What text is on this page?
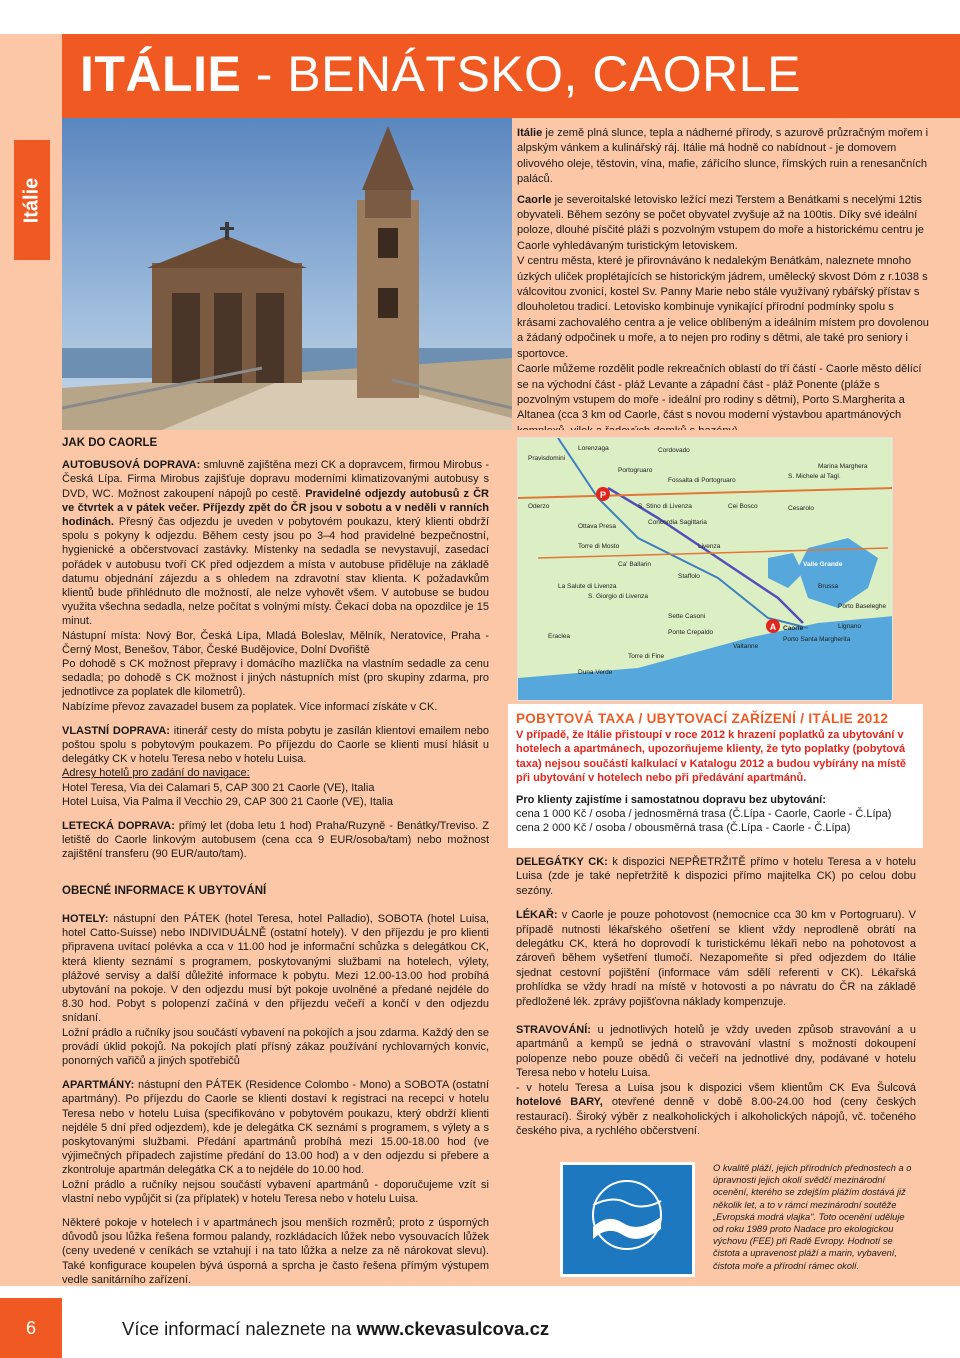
Itálie
ITÁLIE - BENÁTSKO, CAORLE

Itálie je země plná slunce, tepla a nádherné přírody, s azurově průzračným mořem i alpským vánkem a kulinářský ráj. Itálie má hodně co nabídnout - je domovem olivového oleje, těstovin, vína, mafie, zářícího slunce, římských ruin a renesančních paláců.

Caorle je severoitalské letovisko ležící mezi Terstem a Benátkami s necelými 12tis obyvateli. Během sezóny se počet obyvatel zvyšuje až na 100tis. Díky své ideální poloze, dlouhé písčité pláži s pozvolným vstupem do moře a historickému centru je Caorle vyhledávaným turistickým letoviskem.

V centru města, které je přirovnáváno k nedalekým Benátkám, naleznete mnoho úzkých uliček proplétajících se historickým jádrem, umělecký skvost Dóm z r.1038 s válcovitou zvonicí, kostel Sv. Panny Marie nebo stále využívaný rybářský přístav s dlouholetou tradicí. Letovisko kombinuje vynikající přírodní podmínky spolu s krásami zachovalého centra a je velice oblíbeným a ideálním místem pro dovolenou a žádaný odpočinek u moře, a to nejen pro rodiny s dětmi, ale také pro seniory i sportovce.

Caorle můžeme rozdělit podle rekreačních oblastí do tří částí - Caorle město dělící se na východní část - pláž Levante a západní část - pláž Ponente (pláže s pozvolným vstupem do moře - ideální pro rodiny s dětmi), Porto S.Margherita a Altanea (cca 3 km od Caorle, část s novou moderní výstavbou apartmánových

JAK DO CAORLE

AUTOBUSOVÁ DOPRAVA: smluvně zajištěna mezi CK a dopravcem, firmou Mirobus - Česká Lípa. Firma Mirobus zajišťuje dopravu moderními klimatizovanými autobusy s DVD, WC. Možnost zakoupení nápojů po cestě. Pravidelné odjezdy autobusů z ČR ve čtvrtek a v pátek večer. Příjezdy zpět do ČR jsou v sobotu a v neděli v ranních hodinách. Přesný čas odjezdu je uveden v pobytovém poukazu, který klienti obdrží spolu s pokyny k odjezdu. Během cesty jsou po 3–4 hod pravidelné bezpečnostní, hygienické a občerstvovací zastávky. Místenky na sedadla se nevystavují, zasedací pořádek v autobusu tvoří CK před odjezdem a místa v autobuse přiděluje na základě datumu objednání zájezdu a s ohledem na zdravotní stav klienta. K požadavkům klientů bude přihlédnuto dle možností, ale nelze vyhovět všem. V autobuse se budou využita všechna sedadla, nelze počítat s volnými místy. Čekací doba na opozdilce je 15 minut.

Nástupní místa: Nový Bor, Česká Lípa, Mladá Boleslav, Mělník, Neratovice, Praha - Černý Most, Benešov, Tábor, České Budějovice, Dolní Dvořiště

Po dohodě s CK možnost přepravy i domácího mazlíčka na vlastním sedadle za cenu sedadla; po dohodě s CK možnost i jiných nástupních míst (pro skupiny zdarma, pro jednotlivce za poplatek dle kilometrů).

Nabízíme převoz zavazadel busem za poplatek. Více informací získáte v CK.

VLASTNÍ DOPRAVA: itinerář cesty do místa pobytu je zasílán klientovi emailem nebo poštou spolu s pobytovým poukazem. Po příjezdu do Caorle se klienti musí hlásit u delegátky CK v hotelu Teresa nebo v hotelu Luisa.

Adresy hotelů pro zadání do navigace:

Hotel Teresa, Via dei Calamari 5, CAP 300 21 Caorle (VE), Italia

Hotel Luisa, Via Palma il Vecchio 29, CAP 300 21 Caorle (VE), Italia

LETECKÁ DOPRAVA: přímý let (doba letu 1 hod) Praha/Ruzyně - Benátky/Treviso. Z letiště do Caorle linkovým autobusem (cena cca 9 EUR/osoba/tam) nebo možnost zajištění transferu (90 EUR/auto/tam).

OBECNÉ INFORMACE K UBYTOVÁNÍ

HOTELY: nástupní den PÁTEK (hotel Teresa, hotel Palladio), SOBOTA (hotel Luisa, hotel Catto-Suisse) nebo INDIVIDUÁLNĚ (ostatní hotely). V den příjezdu je pro klienti připravena uvítací polévka a cca v 11.00 hod je informační schůzka s delegátkou CK, která klienty seznámí s programem, poskytovanými službami na hotelech, výlety, plážové servisy a další důležité informace k pobytu. Mezi 12.00-13.00 hod probíhá ubytování na pokoje. V den odjezdu musí být pokoje uvolněné a předané nejdéle do 8.30 hod. Pobyt s polopenzí začíná v den příjezdu večeří a končí v den odjezdu snídaní.

Ložní prádlo a ručníky jsou součástí vybavení na pokojích a jsou zdarma. Každý den se provádí úklid pokojů. Na pokojích platí přísný zákaz používání rychlovarných konvic, ponorných vařičů a jiných spotřebičů

APARTMÁNY: nástupní den PÁTEK (Residence Colombo - Mono) a SOBOTA (ostatní apartmány). Po příjezdu do Caorle se klienti dostaví k registraci na recepci v hotelu Teresa nebo v hotelu Luisa (specifikováno v pobytovém poukazu, který obdrží klienti nejdéle 5 dní před odjezdem), kde je delegátka CK seznámí s programem, s výlety a s poskytovanými službami. Předání apartmánů probíhá mezi 15.00-18.00 hod (ve výjimečných případech zajistíme předání do 13.00 hod) a v den odjezdu si přebere a zkontroluje apartmán delegátka CK a to nejdéle do 10.00 hod.

Ložní prádlo a ručníky nejsou součástí vybavení apartmánů - doporučujeme vzít si vlastní nebo vypůjčit si (za příplatek) v hotelu Teresa nebo v hotelu Luisa.

Některé pokoje v hotelech i v apartmánech jsou menších rozměrů; proto z úsporných důvodů jsou lůžka řešena formou palandy, rozkládacích lůžek nebo vysouvacích lůžek (ceny uvedené v ceníkách se vztahují i na tato lůžka a nelze za ně nárokovat slevu). Také konfigurace koupelen bývá úsporná a sprcha je často řešena přímým výstupem vedle sanitárního zařízení.

P
A
Lorenzaga	Cordovado
Portogruaro
Pravisdomini
Fossalta di Portogruaro
S. Stino di Livenza
Concordia Sagittaria
Cei Bosco	Cesarolo
Lignano
Torre di Mosto
Eraclea
Ottava Presa
Marina Marghera
S. Michele al Tagl.
Brussa
Porto Baseleghe
La Salute di Livenza
S. Giorgio di Livenza
Valle Grande
Sette Casoni
Ponte Crepaldo
Valtanne
Caorle
Porto Santa Margherita
Torre di Fine
Staffolo
Duna Verde
Ca' Ballarin
Livenza
Oderzo
POBYTOVÁ TAXA / UBYTOVACÍ ZAŘÍZENÍ / ITÁLIE 2012

V případě, že Itálie přistoupí v roce 2012 k hrazení poplatků za ubytování v hotelech a apartmánech, upozorňujeme klienty, že tyto poplatky (pobytová taxa) nejsou součástí kalkulací v Katalogu 2012 a budou vybírány na místě při ubytování v hotelech nebo při předávání apartmánů.

Pro klienty zajistíme i samostatnou dopravu bez ubytování:

cena 1 000 Kč / osoba / jednosměrná trasa (Č.Lípa - Caorle, Caorle - Č.Lípa)

cena 2 000 Kč / osoba / obousměrná trasa (Č.Lípa - Caorle - Č.Lípa)

DELEGÁTKY CK: k dispozici NEPŘETRŽITĚ přímo v hotelu Teresa a v hotelu Luisa (zde je také nepřetržitě k dispozici přímo majitelka CK) po celou dobu sezóny.

LÉKAŘ: v Caorle je pouze pohotovost (nemocnice cca 30 km v Portogruaru). V případě nutnosti lékařského ošetření se klient vždy neprodleně obrátí na delegátku CK, která ho doprovodí k turistickému lékaři nebo na pohotovost a zároveň během vyšetření tlumočí. Nezapomeňte si před odjezdem do Itálie sjednat cestovní pojištění (informace vám sdělí referenti v CK). Lékařská prohlídka se vždy hradí na místě v hotovosti a po návratu do ČR na základě předložené lék. zprávy pojišťovna náklady kompenzuje.

STRAVOVÁNÍ: u jednotlivých hotelů je vždy uveden způsob stravování a u apartmánů a kempů se jedná o stravování vlastní s možností dokoupení polopenze nebo pouze obědů či večeří na jednotlivé dny, podávané v hotelu Teresa nebo v hotelu Luisa.

- v hotelu Teresa a Luisa jsou k dispozici všem klientům CK Eva Šulcová hotelové BARY, otevřené denně v době 8.00-24.00 hod (ceny českých restaurací). Široký výběr z nealkoholických i alkoholických nápojů, vč. točeného českého piva, a rychlého občerstvení.

O kvalitě pláží, jejich přírodních přednostech a o úpravnosti jejich okolí svědčí mezinárodní ocenění, kterého se zdejším plážím dostává již několik let, a to v rámci mezinárodní soutěže „Evropská modrá vlajka". Toto ocenění uděluje od roku 1989 proto Nadace pro ekologickou výchovu (FEE) při Radě Evropy. Hodnotí se čistota a upravenost pláží a marin, vybavení, čistota moře a přírodní rámec okolí.
6	Více informací naleznete na www.ckevasulcova.cz
